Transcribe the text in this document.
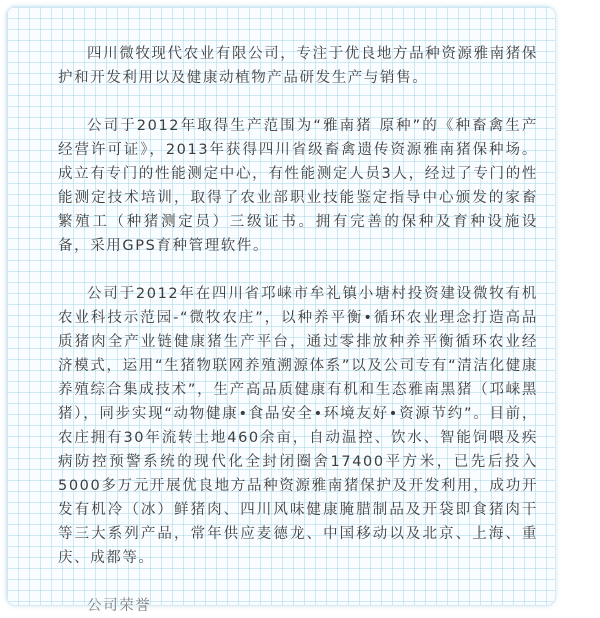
四川微牧现代农业有限公司，专注于优良地方品种资源雅南猪保护和开发利用以及健康动植物产品研发生产与销售。

公司于2012年取得生产范围为“雅南猪 原种”的《种畜禽生产经营许可证》，2013年获得四川省级畜禽遗传资源雅南猪保种场。成立有专门的性能测定中心，有性能测定人员3人，经过了专门的性能测定技术培训，取得了农业部职业技能鉴定指导中心颁发的家畜繁殖工（种猪测定员）三级证书。拥有完善的保种及育种设施设备，采用GPS育种管理软件。

公司于2012年在四川省邛崃市牟礼镇小塘村投资建设微牧有机农业科技示范园-“微牧农庄”，以种养平衡•循环农业理念打造高品质猪肉全产业链健康猪生产平台，通过零排放种养平衡循环农业经济模式，运用“生猪物联网养殖溯源体系”以及公司专有“清洁化健康养殖综合集成技术”，生产高品质健康有机和生态雅南黑猪（邛崃黑猪），同步实现“动物健康•食品安全•环境友好•资源节约”。目前，农庄拥有30年流转土地460余亩，自动温控、饮水、智能饲喂及疾病防控预警系统的现代化全封闭圈舍17400平方米，已先后投入5000多万元开展优良地方品种资源雅南猪保护及开发利用，成功开发有机冷（冰）鲜猪肉、四川风味健康腌腊制品及开袋即食猪肉干等三大系列产品，常年供应麦德龙、中国移动以及北京、上海、重庆、成都等。

公司荣誉
